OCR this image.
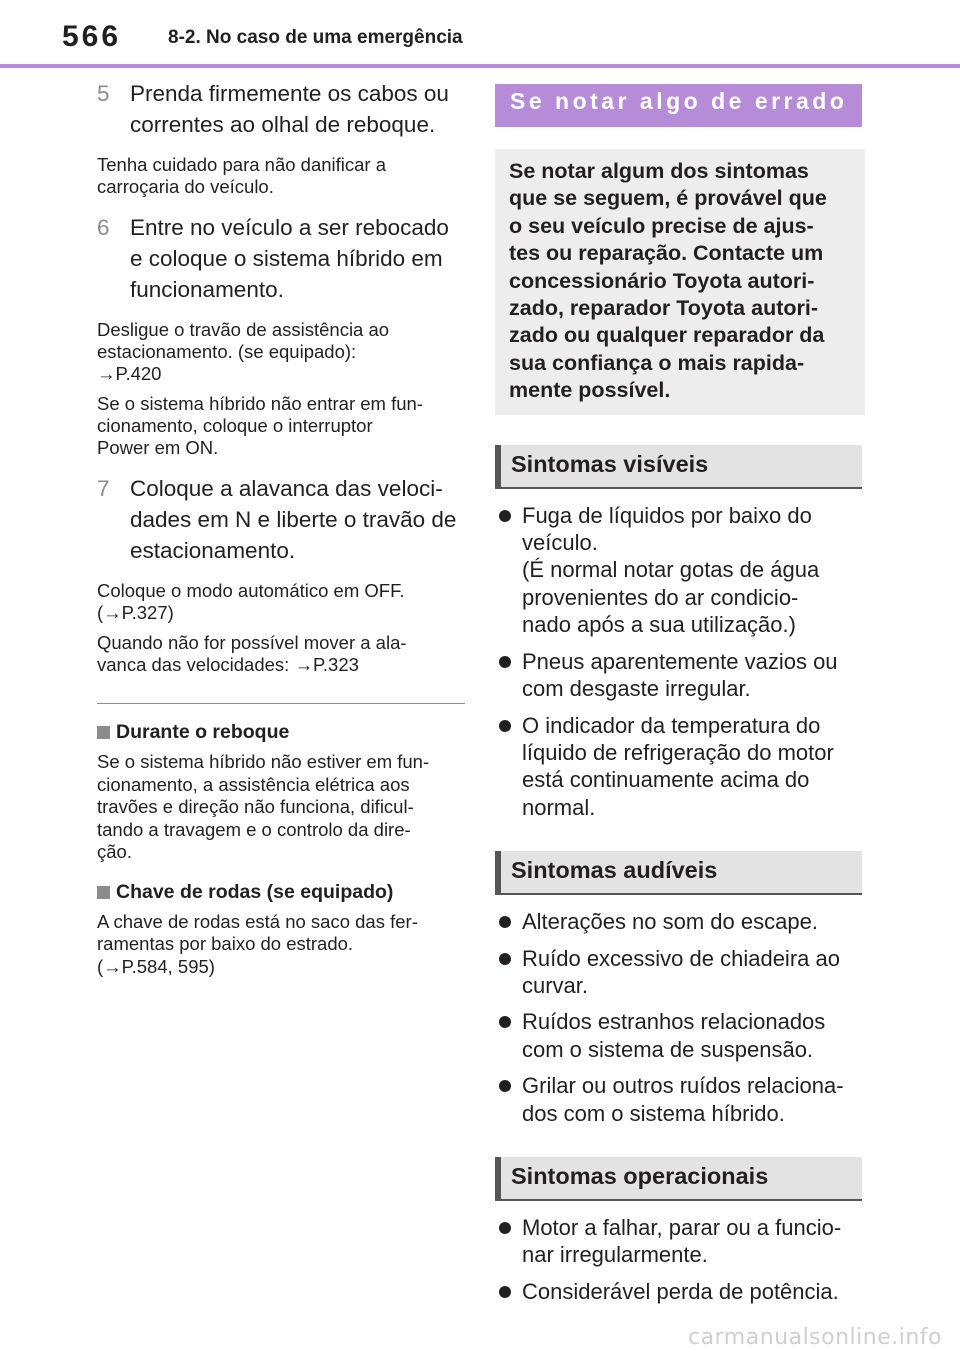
566 8-2. No caso de uma emergência
5 Prenda firmemente os cabos ou
correntes ao olhal de reboque.
Tenha cuidado para não danificar a
carroçaria do veículo.
6 Entre no veículo a ser rebocado
e coloque o sistema híbrido em
funcionamento.
Desligue o travão de assistência ao
estacionamento. (se equipado):
→P.420
Se o sistema híbrido não entrar em fun-
cionamento, coloque o interruptor
Power em ON.
7 Coloque a alavanca das veloci-
dades em N e liberte o travão de
estacionamento.
Coloque o modo automático em OFF.
(→P.327)
Quando não for possível mover a ala-
vanca das velocidades: →P.323
Durante o reboque
Se o sistema híbrido não estiver em fun-
cionamento, a assistência elétrica aos
travões e direção não funciona, dificul-
tando a travagem e o controlo da dire-
ção.
Chave de rodas (se equipado)
A chave de rodas está no saco das fer-
ramentas por baixo do estrado.
(→P.584, 595)
Se notar algo de errado
Se notar algum dos sintomas
que se seguem, é provável que
o seu veículo precise de ajus-
tes ou reparação. Contacte um
concessionário Toyota autori-
zado, reparador Toyota autori-
zado ou qualquer reparador da
sua confiança o mais rapida-
mente possível.
Sintomas visíveis
Fuga de líquidos por baixo do
veículo.
(É normal notar gotas de água
provenientes do ar condicio-
nado após a sua utilização.)
Pneus aparentemente vazios ou
com desgaste irregular.
O indicador da temperatura do
líquido de refrigeração do motor
está continuamente acima do
normal.
Sintomas audíveis
Alterações no som do escape.
Ruído excessivo de chiadeira ao
curvar.
Ruídos estranhos relacionados
com o sistema de suspensão.
Grilar ou outros ruídos relaciona-
dos com o sistema híbrido.
Sintomas operacionais
Motor a falhar, parar ou a funcio-
nar irregularmente.
Considerável perda de potência.
carmanualsonline.info
